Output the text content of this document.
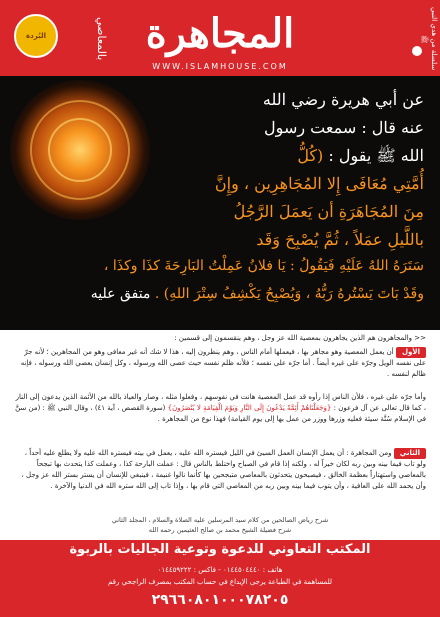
سلسلة من هدي النبي ﷺ
المجاهرة
بالمعاصي
البُردة
WWW.ISLAMHOUSE.COM
عن أبي هريرة رضي الله
عنه قال : سمعت رسول
الله ﷺ يقول : (كُلُّ
أُمَّتِي مُعَافَى إِلا المُجَاهِرِين ، وإِنَّ
مِنَ المُجَاهَرَةِ أن يَعمَلَ الرَّجُلُ
باللَّيلِ عمَلاً ، ثُمَّ يُصْبِحَ وَقَد
سَتَرَهُ اللهُ عَلَيْهِ فَيَقُولُ : يَا فلانُ عَمِلْتُ البَارِحَةَ كذَا وكذَا ،
وقَدْ بَاتَ يَسْتُرهُ رَبُّهُ ، وَيُصْبِحُ يَكْشِفُ سِتْرَ اللهِ) . متفق عليه
<< والمجاهرون هم الذين يجاهرون بمعصية الله عز وجل ، وهم ينقسمون إلى قسمين :
الأول أن يعمل المعصية وهو مجاهر بها ، فيعملها أمام الناس ، وهم ينظرون إليه ، هذا لا شك أنه غير معافى وهو من المجاهرين ؛ لأنه جرّ على نفسه الويل وجرّه على غيره أيضاً . أما جرّه على نفسه ؛ فلأنه ظلم نفسه حيث عصى الله ورسوله ، وكل إنسان يعصي الله ورسوله ، فإنه ظالم لنفسه .
وأما جرّه على غيره ، فلأن الناس إذا رأوه قد عمل المعصية هانت في نفوسهم ، وفعلوا مثله ، وصار والعياذ بالله من الأئمة الذين يدعون إلى النار ، كما قال تعالى عن آل فرعون : {وَجَعَلْنَاهُمْ أَئِمَّةً يَدْعُونَ إِلَى النَّارِ وَيَوْمَ الْقِيَامَةِ لا يُنْصَرُونَ} (سورة القصص ، آية ٤١) ، وقال النبي ﷺ : (من سنَّ في الإسلام سُنَّة سيئة فعليه وزرها ووزر من عمل بها إلى يوم القيامة) فهذا نوع من المجاهرة .
الثاني ومن المجاهرة : أن يعمل الإنسان العمل السيئ في الليل فيستره الله عليه ، يعمل في بيته فيستره الله عليه ولا يطلع عليه أحداً ، ولو تاب فيما بينه وبين ربه لكان خيراً له ، ولكنه إذا قام في الصباح واختلط بالناس قال : عملت البارحة كذا ، وعملت كذا يتحدث بها تبجحاً بالمعاصي واستهتاراً بعظمة الخالق ، فيصبحون يتحدثون بالمعاصي متبجحين بها كأنما نالوا غنيمة ، فينبغي للإنسان أن يستر بستر الله عز وجل ، وأن يحمد الله على العافية ، وأن يتوب فيما بينه وبين ربه من المعاصي التي قام بها ، وإذا تاب إلى الله ستره الله في الدنيا والآخرة .
شرح رياض الصالحين من كلام سيد المرسلين عليه الصلاة والسلام ، المجلد الثاني
شرح فضيلة الشيخ محمد بن صالح العثيمين رحمه الله
المكتب التعاوني للدعوة وتوعية الجاليات بالربوة
هاتف : ٠١٤٤٥٠٤٤٤٠ - فاكس : ٠١٤٤٥٩٢٢٢
للمساهمة في الطباعة يرجى الإيداع في حساب المكتب بمصرف الراجحي رقم
٢٩٦٦٠٨٠١٠٠٠٧٨٢٠٥
